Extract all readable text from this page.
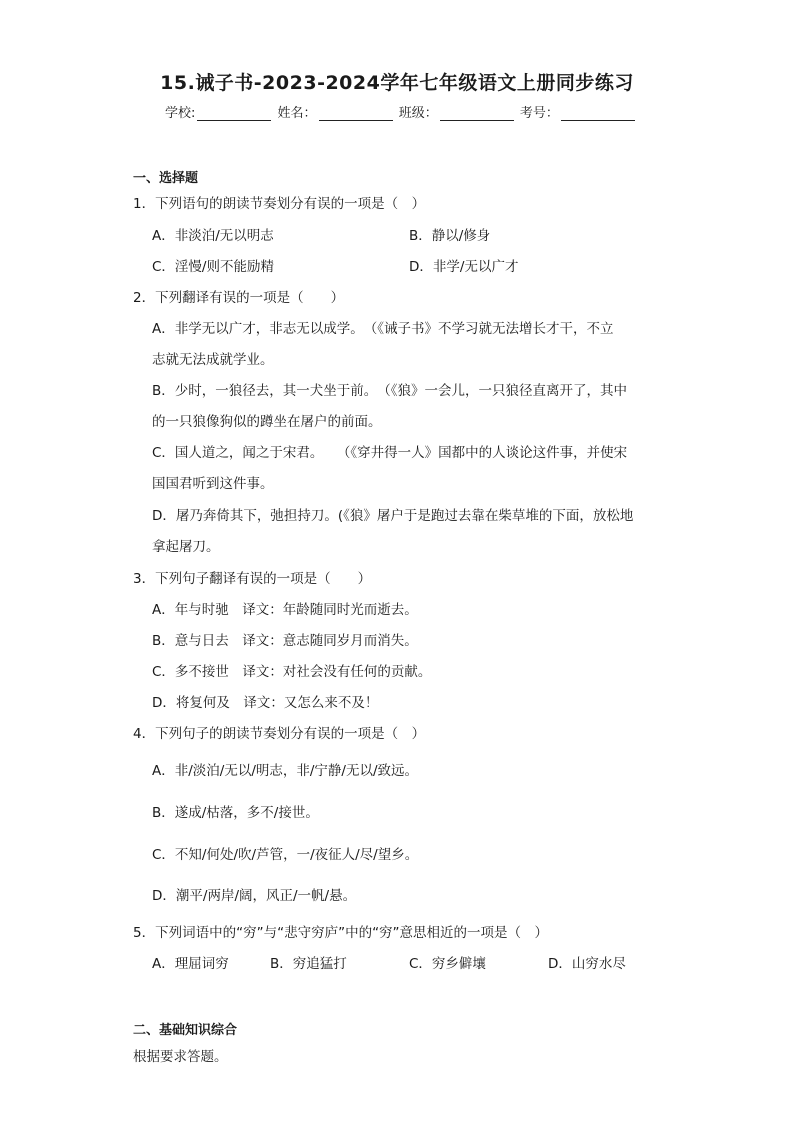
15.诫子书-2023-2024学年七年级语文上册同步练习
学校:	姓名：	班级：	考号：
一、选择题
1．下列语句的朗读节奏划分有误的一项是（　）
A．非淡泊/无以明志	B．静以/修身
C．淫慢/则不能励精	D．非学/无以广才
2．下列翻译有误的一项是（　　）
A．非学无以广才，非志无以成学。　（《诫子书》不学习就无法增长才干，不立
志就无法成就学业。
B．少时，一狼径去，其一犬坐于前。　（《狼》一会儿，一只狼径直离开了，其中
的一只狼像狗似的蹲坐在屠户的前面。
C．国人道之，闻之于宋君。　　（《穿井得一人》国都中的人谈论这件事，并使宋
国国君听到这件事。
D．屠乃奔倚其下，弛担持刀。(《狼》屠户于是跑过去靠在柴草堆的下面，放松地
拿起屠刀。
3．下列句子翻译有误的一项是（　　）
A．年与时驰　译文：年龄随同时光而逝去。
B．意与日去　译文：意志随同岁月而消失。
C．多不接世　译文：对社会没有任何的贡献。
D．将复何及　译文：又怎么来不及！
4．下列句子的朗读节奏划分有误的一项是（　）
A．非/淡泊/无以/明志，非/宁静/无以/致远。
B．遂成/枯落，多不/接世。
C．不知/何处/吹/芦管，一/夜征人/尽/望乡。
D．潮平/两岸/阔，风正/一帆/悬。
5．下列词语中的“穷”与“悲守穷庐”中的“穷”意思相近的一项是（　）
A．理屈词穷	B．穷追猛打	C．穷乡僻壤	D．山穷水尽
二、基础知识综合
根据要求答题。
